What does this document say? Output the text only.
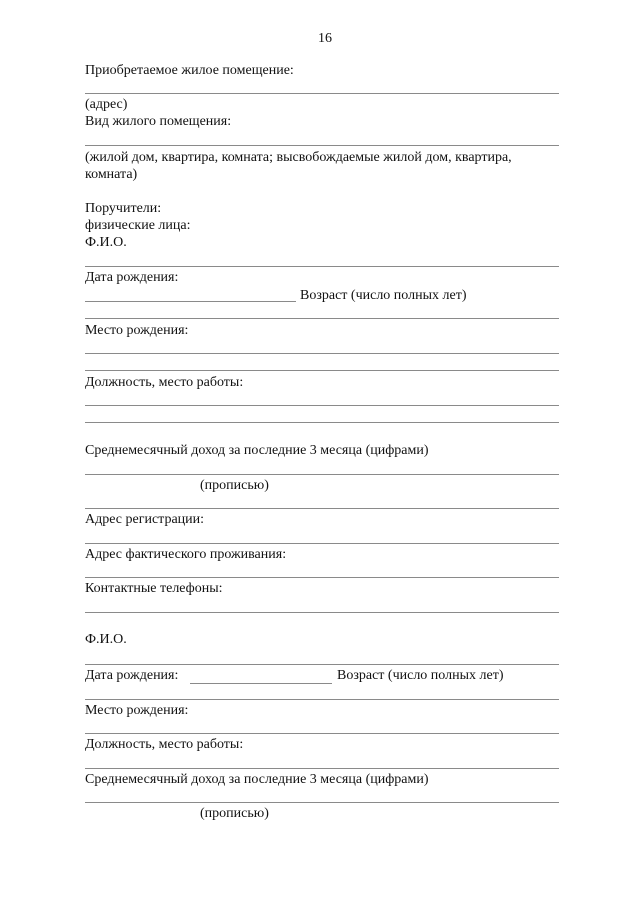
16
Приобретаемое жилое помещение:
(адрес)
Вид жилого помещения:
(жилой дом, квартира, комната; высвобождаемые жилой дом, квартира,
комната)
Поручители:
физические лица:
Ф.И.О.
Дата рождения:
Возраст (число полных лет)
Место рождения:
Должность, место работы:
Среднемесячный доход за последние 3 месяца (цифрами)
(прописью)
Адрес регистрации:
Адрес фактического проживания:
Контактные телефоны:
Ф.И.О.
Дата рождения:	Возраст (число полных лет)
Место рождения:
Должность, место работы:
Среднемесячный доход за последние 3 месяца (цифрами)
(прописью)
